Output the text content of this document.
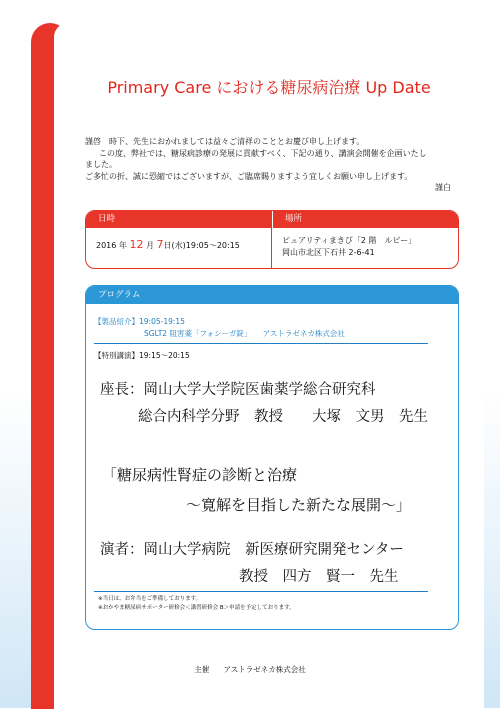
Primary Care における糖尿病治療 Up Date

謹啓　時下、先生におかれましては益々ご清祥のこととお慶び申し上げます。

この度、弊社では、糖尿病診療の発展に貢献すべく、下記の通り、講演会開催を企画いたし

ました。

ご多忙の折、誠に恐縮ではございますが、ご臨席賜りますよう宜しくお願い申し上げます。

謹白

日時	場所
2016 年 12 月 7日(水)19:05～20:15
ピュアリティまきび「2 階　ルビー」
岡山市北区下石井 2-6-41
プログラム
【製品紹介】19:05-19:15
SGLT2 阻害薬「フォシーガ錠」　　アストラゼネカ株式会社
【特別講演】19:15～20:15
座長：岡山大学大学院医歯薬学総合研究科
総合内科学分野　教授　　大塚　文男　先生
「糖尿病性腎症の診断と治療
～寛解を目指した新たな展開～」
演者：岡山大学病院　新医療研究開発センター
教授　四方　賢一　先生
※当日は、お弁当をご準備しております。
※おかやま糖尿病サポーター研修会＜講習研修会 B＞申請を予定しております。
主催 アストラゼネカ株式会社
